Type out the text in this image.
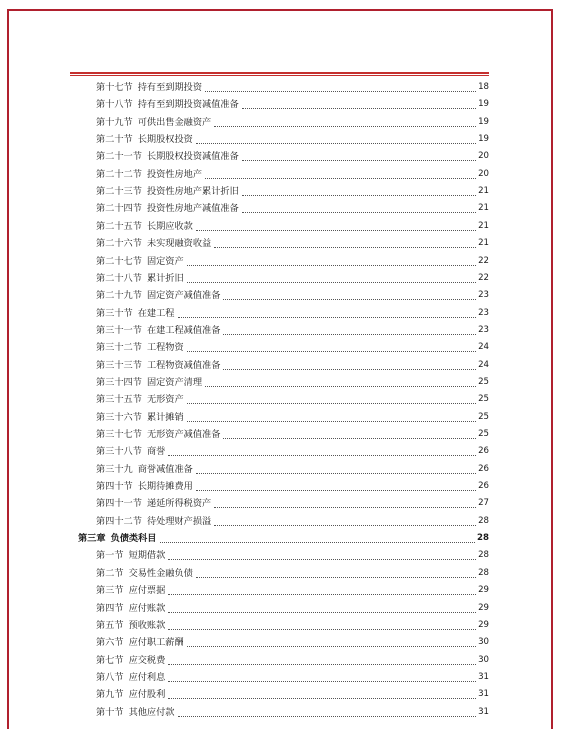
第十七节 持有至到期投资	18
第十八节 持有至到期投资减值准备	19
第十九节 可供出售金融资产	19
第二十节 长期股权投资	19
第二十一节 长期股权投资减值准备	20
第二十二节 投资性房地产	20
第二十三节 投资性房地产累计折旧	21
第二十四节 投资性房地产减值准备	21
第二十五节 长期应收款	21
第二十六节 未实现融资收益	21
第二十七节 固定资产	22
第二十八节 累计折旧	22
第二十九节 固定资产减值准备	23
第三十节 在建工程	23
第三十一节 在建工程减值准备	23
第三十二节 工程物资	24
第三十三节 工程物资减值准备	24
第三十四节 固定资产清理	25
第三十五节 无形资产	25
第三十六节 累计摊销	25
第三十七节 无形资产减值准备	25
第三十八节 商誉	26
第三十九 商誉减值准备	26
第四十节 长期待摊费用	26
第四十一节 递延所得税资产	27
第四十二节 待处理财产损溢	28
第三章 负债类科目	28
第一节 短期借款	28
第二节 交易性金融负债	28
第三节 应付票据	29
第四节 应付账款	29
第五节 预收账款	29
第六节 应付职工薪酬	30
第七节 应交税费	30
第八节 应付利息	31
第九节 应付股利	31
第十节 其他应付款	31
